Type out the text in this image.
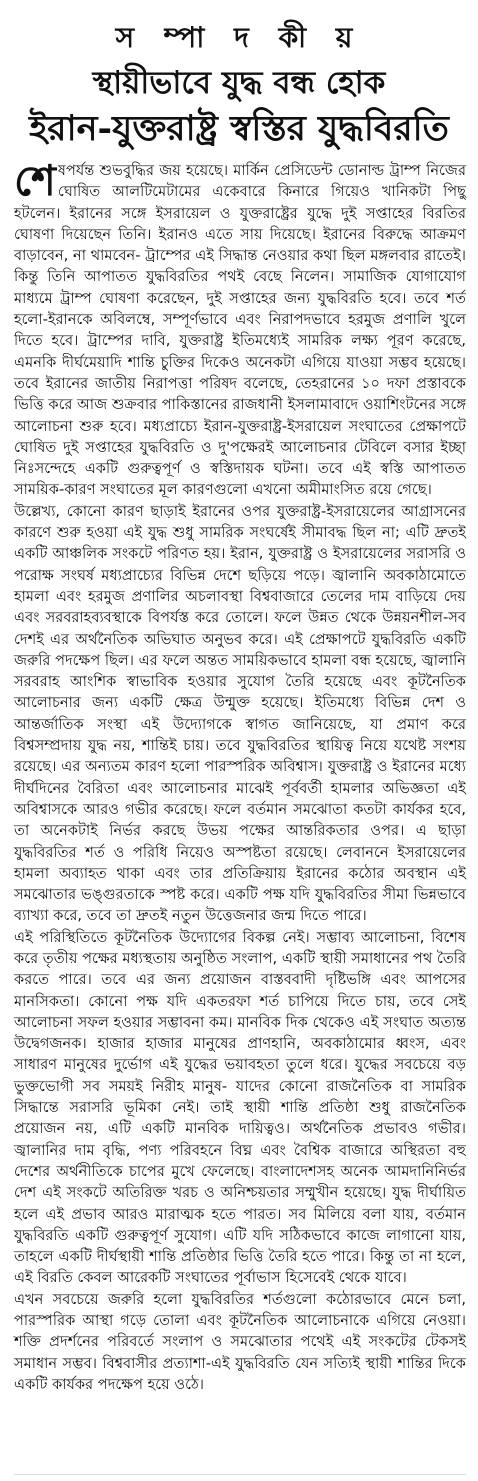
স ম্পা দ কী য়
স্থায়ীভাবে যুদ্ধ বন্ধ হোক
ইরান-যুক্তরাষ্ট্র স্বস্তির যুদ্ধবিরতি

শেষপর্যন্ত শুভবুদ্ধির জয় হয়েছে। মার্কিন প্রেসিডেন্ট ডোনাল্ড ট্রাম্প নিজের ঘোষিত আলটিমেটামের একেবারে কিনারে গিয়েও খানিকটা পিছু হটলেন। ইরানের সঙ্গে ইসরায়েল ও যুক্তরাষ্ট্রের যুদ্ধে দুই সপ্তাহের বিরতির ঘোষণা দিয়েছেন তিনি। ইরানও এতে সায় দিয়েছে। ইরানের বিরুদ্ধে আক্রমণ বাড়াবেন, না থামবেন- ট্রাম্পের এই সিদ্ধান্ত নেওয়ার কথা ছিল মঙ্গলবার রাতেই। কিন্তু তিনি আপাতত যুদ্ধবিরতির পথই বেছে নিলেন। সামাজিক যোগাযোগ মাধ্যমে ট্রাম্প ঘোষণা করেছেন, দুই সপ্তাহের জন্য যুদ্ধবিরতি হবে। তবে শর্ত হলো-ইরানকে অবিলম্বে, সম্পূর্ণভাবে এবং নিরাপদভাবে হরমুজ প্রণালি খুলে দিতে হবে। ট্রাম্পের দাবি, যুক্তরাষ্ট্র ইতিমধ্যেই সামরিক লক্ষ্য পূরণ করেছে, এমনকি দীর্ঘমেয়াদি শান্তি চুক্তির দিকেও অনেকটা এগিয়ে যাওয়া সম্ভব হয়েছে। তবে ইরানের জাতীয় নিরাপত্তা পরিষদ বলেছে, তেহরানের ১০ দফা প্রস্তাবকে ভিত্তি করে আজ শুক্রবার পাকিস্তানের রাজধানী ইসলামাবাদে ওয়াশিংটনের সঙ্গে আলোচনা শুরু হবে। মধ্যপ্রাচ্যে ইরান-যুক্তরাষ্ট্র-ইসরায়েল সংঘাতের প্রেক্ষাপটে ঘোষিত দুই সপ্তাহের যুদ্ধবিরতি ও দু'পক্ষেরই আলোচনার টেবিলে বসার ইচ্ছা নিঃসন্দেহে একটি গুরুত্বপূর্ণ ও স্বস্তিদায়ক ঘটনা। তবে এই স্বস্তি আপাতত সাময়িক-কারণ সংঘাতের মূল কারণগুলো এখনো অমীমাংসিত রয়ে গেছে।

উল্লেখ্য, কোনো কারণ ছাড়াই ইরানের ওপর যুক্তরাষ্ট্র-ইসরায়েলের আগ্রাসনের কারণে শুরু হওয়া এই যুদ্ধ শুধু সামরিক সংঘর্ষেই সীমাবদ্ধ ছিল না; এটি দ্রুতই একটি আঞ্চলিক সংকটে পরিণত হয়। ইরান, যুক্তরাষ্ট্র ও ইসরায়েলের সরাসরি ও পরোক্ষ সংঘর্ষ মধ্যপ্রাচ্যের বিভিন্ন দেশে ছড়িয়ে পড়ে। জ্বালানি অবকাঠামোতে হামলা এবং হরমুজ প্রণালির অচলাবস্থা বিশ্ববাজারে তেলের দাম বাড়িয়ে দেয় এবং সরবরাহব্যবস্থাকে বিপর্যস্ত করে তোলে। ফলে উন্নত থেকে উন্নয়নশীল-সব দেশই এর অর্থনৈতিক অভিঘাত অনুভব করে। এই প্রেক্ষাপটে যুদ্ধবিরতি একটি জরুরি পদক্ষেপ ছিল। এর ফলে অন্তত সাময়িকভাবে হামলা বন্ধ হয়েছে, জ্বালানি সরবরাহ আংশিক স্বাভাবিক হওয়ার সুযোগ তৈরি হয়েছে এবং কূটনৈতিক আলোচনার জন্য একটি ক্ষেত্র উন্মুক্ত হয়েছে। ইতিমধ্যে বিভিন্ন দেশ ও আন্তর্জাতিক সংস্থা এই উদ্যোগকে স্বাগত জানিয়েছে, যা প্রমাণ করে বিশ্বসম্প্রদায় যুদ্ধ নয়, শান্তিই চায়। তবে যুদ্ধবিরতির স্থায়িত্ব নিয়ে যথেষ্ট সংশয় রয়েছে। এর অন্যতম কারণ হলো পারস্পরিক অবিশ্বাস। যুক্তরাষ্ট্র ও ইরানের মধ্যে দীর্ঘদিনের বৈরিতা এবং আলোচনার মাঝেই পূর্ববর্তী হামলার অভিজ্ঞতা এই অবিশ্বাসকে আরও গভীর করেছে। ফলে বর্তমান সমঝোতা কতটা কার্যকর হবে, তা অনেকটাই নির্ভর করছে উভয় পক্ষের আন্তরিকতার ওপর। এ ছাড়া যুদ্ধবিরতির শর্ত ও পরিধি নিয়েও অস্পষ্টতা রয়েছে। লেবাননে ইসরায়েলের হামলা অব্যাহত থাকা এবং তার প্রতিক্রিয়ায় ইরানের কঠোর অবস্থান এই সমঝোতার ভঙ্গুরতাকে স্পষ্ট করে। একটি পক্ষ যদি যুদ্ধবিরতির সীমা ভিন্নভাবে ব্যাখ্যা করে, তবে তা দ্রুতই নতুন উত্তেজনার জন্ম দিতে পারে।

এই পরিস্থিতিতে কূটনৈতিক উদ্যোগের বিকল্প নেই। সম্ভাব্য আলোচনা, বিশেষ করে তৃতীয় পক্ষের মধ্যস্থতায় অনুষ্ঠিত সংলাপ, একটি স্থায়ী সমাধানের পথ তৈরি করতে পারে। তবে এর জন্য প্রয়োজন বাস্তববাদী দৃষ্টিভঙ্গি এবং আপসের মানসিকতা। কোনো পক্ষ যদি একতরফা শর্ত চাপিয়ে দিতে চায়, তবে সেই আলোচনা সফল হওয়ার সম্ভাবনা কম। মানবিক দিক থেকেও এই সংঘাত অত্যন্ত উদ্বেগজনক। হাজার হাজার মানুষের প্রাণহানি, অবকাঠামোর ধ্বংস, এবং সাধারণ মানুষের দুর্ভোগ এই যুদ্ধের ভয়াবহতা তুলে ধরে। যুদ্ধের সবচেয়ে বড় ভুক্তভোগী সব সময়ই নিরীহ মানুষ- যাদের কোনো রাজনৈতিক বা সামরিক সিদ্ধান্তে সরাসরি ভূমিকা নেই। তাই স্থায়ী শান্তি প্রতিষ্ঠা শুধু রাজনৈতিক প্রয়োজন নয়, এটি একটি মানবিক দায়িত্বও। অর্থনৈতিক প্রভাবও গভীর। জ্বালানির দাম বৃদ্ধি, পণ্য পরিবহনে বিঘ্ন এবং বৈশ্বিক বাজারে অস্থিরতা বহু দেশের অর্থনীতিকে চাপের মুখে ফেলেছে। বাংলাদেশসহ অনেক আমদানিনির্ভর দেশ এই সংকটে অতিরিক্ত খরচ ও অনিশ্চয়তার সম্মুখীন হয়েছে। যুদ্ধ দীর্ঘায়িত হলে এই প্রভাব আরও মারাত্মক হতে পারত। সব মিলিয়ে বলা যায়, বর্তমান যুদ্ধবিরতি একটি গুরুত্বপূর্ণ সুযোগ। এটি যদি সঠিকভাবে কাজে লাগানো যায়, তাহলে একটি দীর্ঘস্থায়ী শান্তি প্রতিষ্ঠার ভিত্তি তৈরি হতে পারে। কিন্তু তা না হলে, এই বিরতি কেবল আরেকটি সংঘাতের পূর্বাভাস হিসেবেই থেকে যাবে।

এখন সবচেয়ে জরুরি হলো যুদ্ধবিরতির শর্তগুলো কঠোরভাবে মেনে চলা, পারস্পরিক আস্থা গড়ে তোলা এবং কূটনৈতিক আলোচনাকে এগিয়ে নেওয়া। শক্তি প্রদর্শনের পরিবর্তে সংলাপ ও সমঝোতার পথেই এই সংকটের টেকসই সমাধান সম্ভব। বিশ্ববাসীর প্রত্যাশা-এই যুদ্ধবিরতি যেন সত্যিই স্থায়ী শান্তির দিকে একটি কার্যকর পদক্ষেপ হয়ে ওঠে।
